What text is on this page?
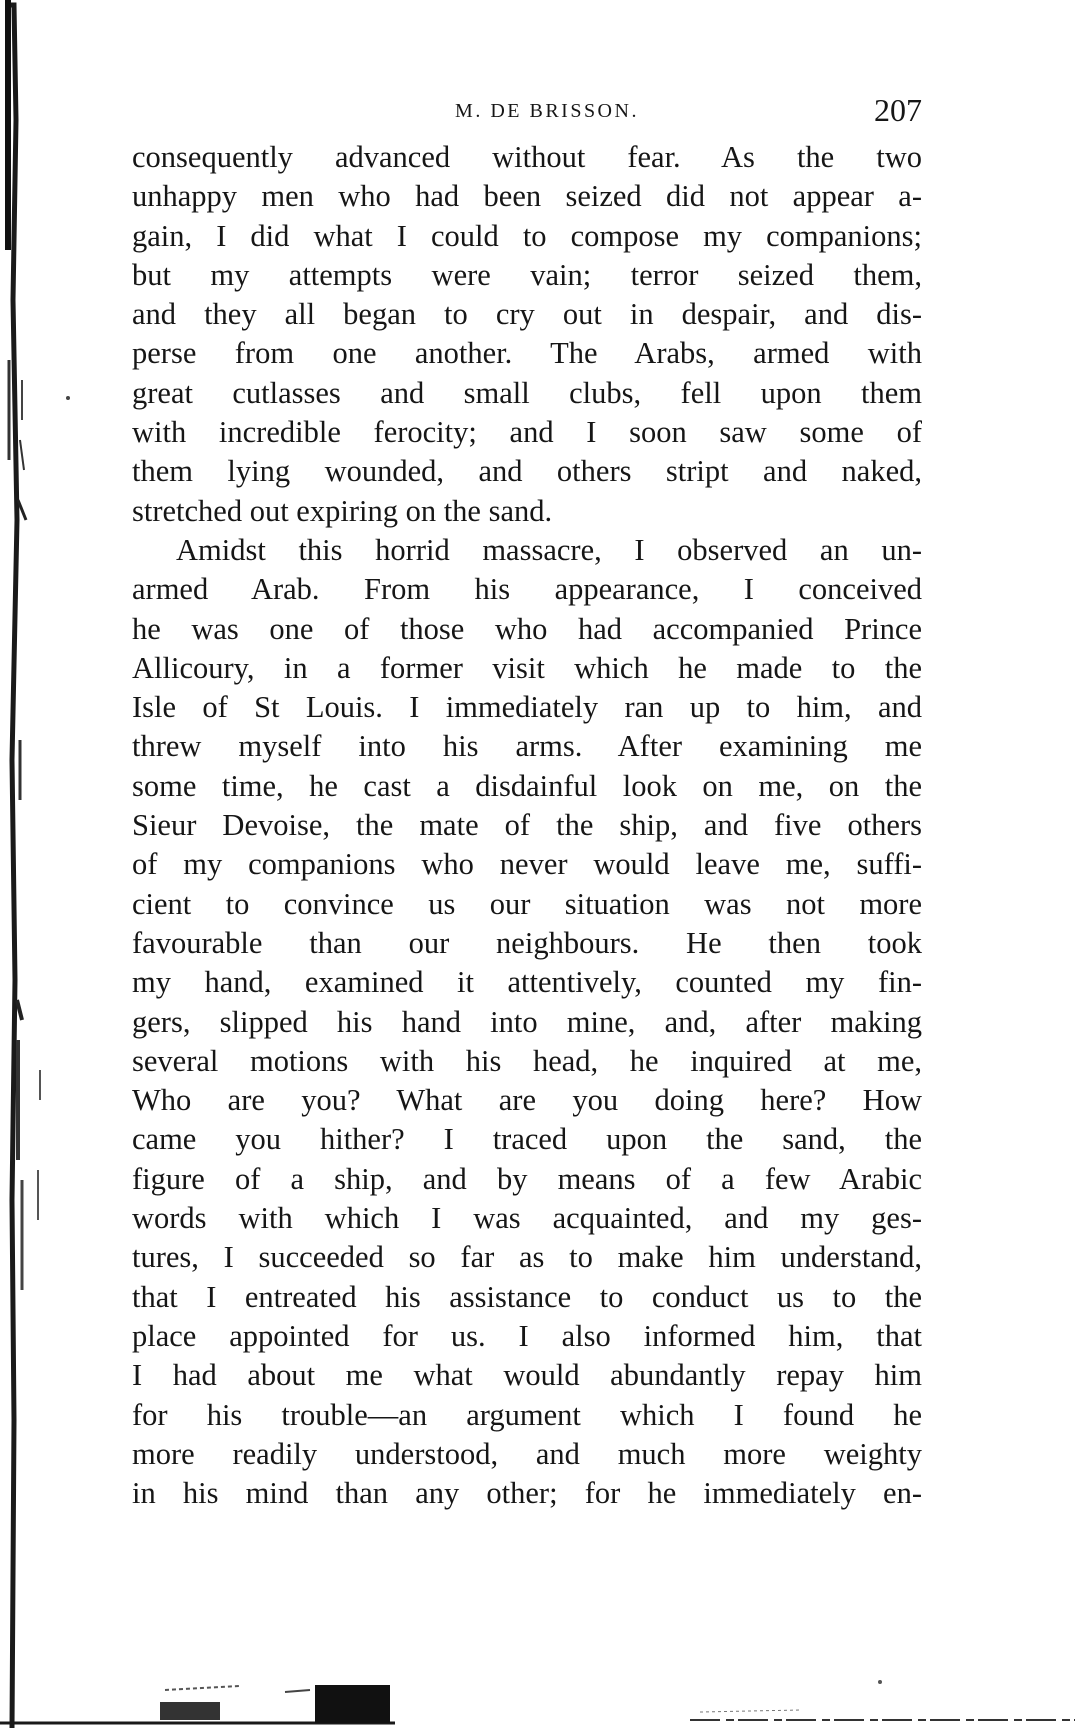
M. DE BRISSON.	207
consequently advanced without fear. As the two
unhappy men who had been seized did not appear a-
gain, I did what I could to compose my companions;
but my attempts were vain; terror seized them,
and they all began to cry out in despair, and dis-
perse from one another. The Arabs, armed with
great cutlasses and small clubs, fell upon them
with incredible ferocity; and I soon saw some of
them lying wounded, and others stript and naked,
stretched out expiring on the sand.
Amidst this horrid massacre, I observed an un-
armed Arab. From his appearance, I conceived
he was one of those who had accompanied Prince
Allicoury, in a former visit which he made to the
Isle of St Louis. I immediately ran up to him, and
threw myself into his arms. After examining me
some time, he cast a disdainful look on me, on the
Sieur Devoise, the mate of the ship, and five others
of my companions who never would leave me, suffi-
cient to convince us our situation was not more
favourable than our neighbours. He then took
my hand, examined it attentively, counted my fin-
gers, slipped his hand into mine, and, after making
several motions with his head, he inquired at me,
Who are you? What are you doing here? How
came you hither? I traced upon the sand, the
figure of a ship, and by means of a few Arabic
words with which I was acquainted, and my ges-
tures, I succeeded so far as to make him understand,
that I entreated his assistance to conduct us to the
place appointed for us. I also informed him, that
I had about me what would abundantly repay him
for his trouble—an argument which I found he
more readily understood, and much more weighty
in his mind than any other; for he immediately en-
